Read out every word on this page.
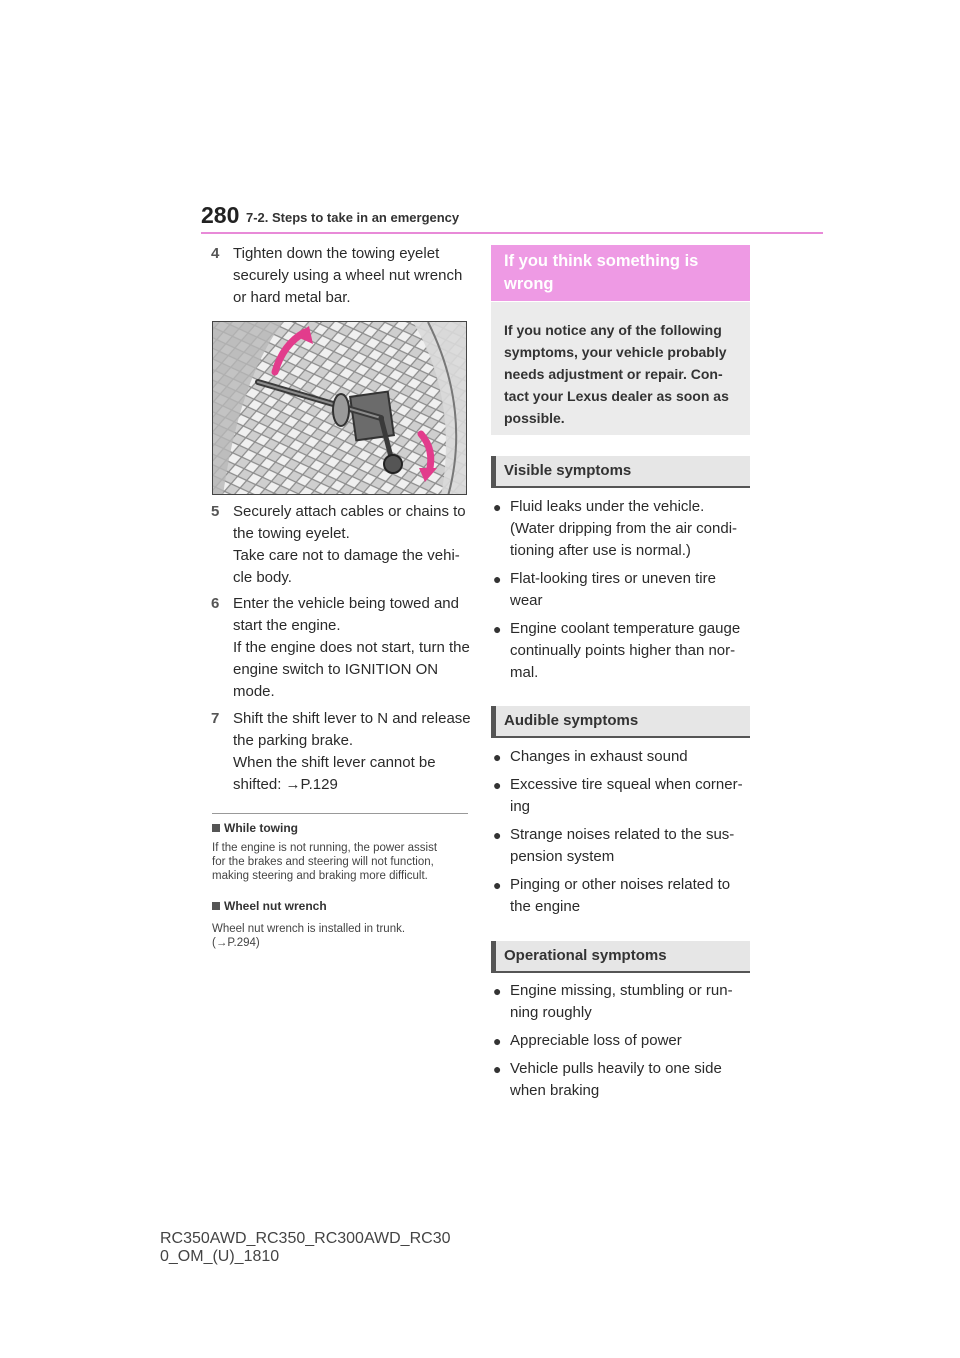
280 7-2. Steps to take in an emergency
4 Tighten down the towing eyelet
securely using a wheel nut wrench
or hard metal bar.
5 Securely attach cables or chains to
the towing eyelet.
Take care not to damage the vehi-
cle body.
6 Enter the vehicle being towed and
start the engine.
If the engine does not start, turn the
engine switch to IGNITION ON
mode.
7 Shift the shift lever to N and release
the parking brake.
When the shift lever cannot be
shifted: →P.129
While towing
If the engine is not running, the power assist
for the brakes and steering will not function,
making steering and braking more difficult.
Wheel nut wrench
Wheel nut wrench is installed in trunk.
(→P.294)
If you think something is
wrong
If you notice any of the following
symptoms, your vehicle probably
needs adjustment or repair. Con-
tact your Lexus dealer as soon as
possible.
Visible symptoms
● Fluid leaks under the vehicle.
(Water dripping from the air condi-
tioning after use is normal.)
● Flat-looking tires or uneven tire
wear
● Engine coolant temperature gauge
continually points higher than nor-
mal.
Audible symptoms
● Changes in exhaust sound
● Excessive tire squeal when corner-
ing
● Strange noises related to the sus-
pension system
● Pinging or other noises related to
the engine
Operational symptoms
● Engine missing, stumbling or run-
ning roughly
● Appreciable loss of power
● Vehicle pulls heavily to one side
when braking
RC350AWD_RC350_RC300AWD_RC30
0_OM_(U)_1810
